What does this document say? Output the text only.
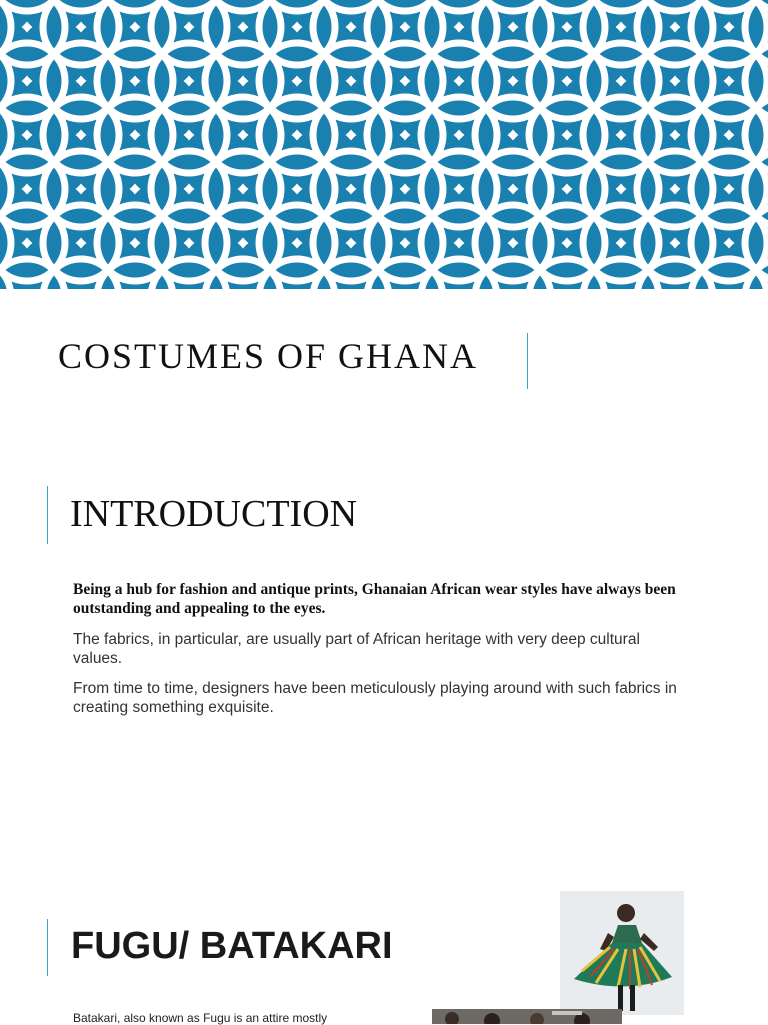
COSTUMES OF GHANA
INTRODUCTION

Being a hub for fashion and antique prints, Ghanaian African wear styles have always been outstanding and appealing to the eyes.

The fabrics, in particular, are usually part of African heritage with very deep cultural values.

From time to time, designers have been meticulously playing around with such fabrics in creating something exquisite.

FUGU/ BATAKARI

Batakari, also known as Fugu is an attire mostly
